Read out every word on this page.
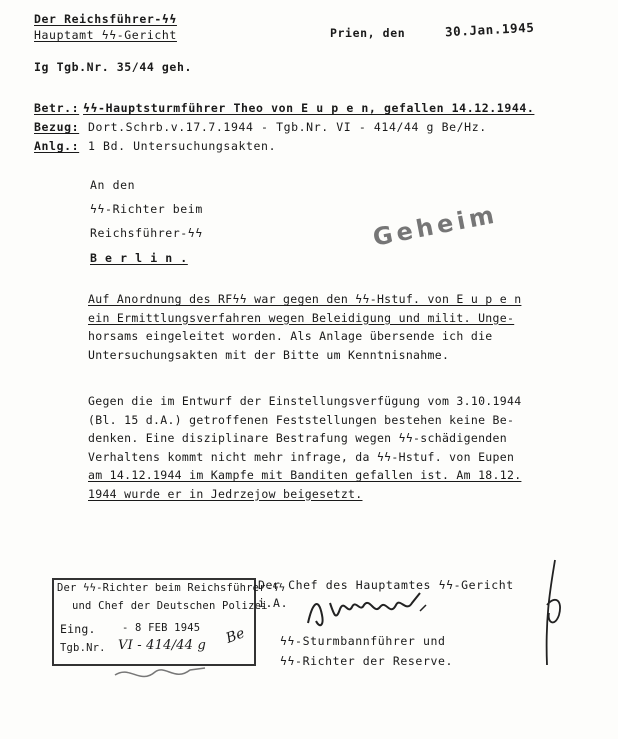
Der Reichsführer-ϟϟ
Hauptamt ϟϟ-Gericht	Prien, den	30.Jan.1945
Ig Tgb.Nr. 35/44 geh.
Betr.: ϟϟ-Hauptsturmführer Theo von E u p e n, gefallen 14.12.1944.
Bezug: Dort.Schrb.v.17.7.1944 - Tgb.Nr. VI - 414/44 g Be/Hz.
Anlg.: 1 Bd. Untersuchungsakten.
An den
ϟϟ-Richter beim
Reichsführer-ϟϟ
B e r l i n .
Geheim
Auf Anordnung des RFϟϟ war gegen den ϟϟ-Hstuf. von E u p e n
ein Ermittlungsverfahren wegen Beleidigung und milit. Unge-
horsams eingeleitet worden. Als Anlage übersende ich die
Untersuchungsakten mit der Bitte um Kenntnisnahme.
Gegen die im Entwurf der Einstellungsverfügung vom 3.10.1944
(Bl. 15 d.A.) getroffenen Feststellungen bestehen keine Be-
denken. Eine disziplinare Bestrafung wegen ϟϟ-schädigenden
Verhaltens kommt nicht mehr infrage, da ϟϟ-Hstuf. von Eupen
am 14.12.1944 im Kampfe mit Banditen gefallen ist. Am 18.12.
1944 wurde er in Jedrzejow beigesetzt.
Der ϟϟ-Richter beim Reichsführer-ϟϟ
und Chef der Deutschen Polizei
Eing.	- 8 FEB 1945
Tgb.Nr. VI - 414/44 g Be
Der Chef des Hauptamtes ϟϟ-Gericht
i.A.
ϟϟ-Sturmbannführer und
ϟϟ-Richter der Reserve.
